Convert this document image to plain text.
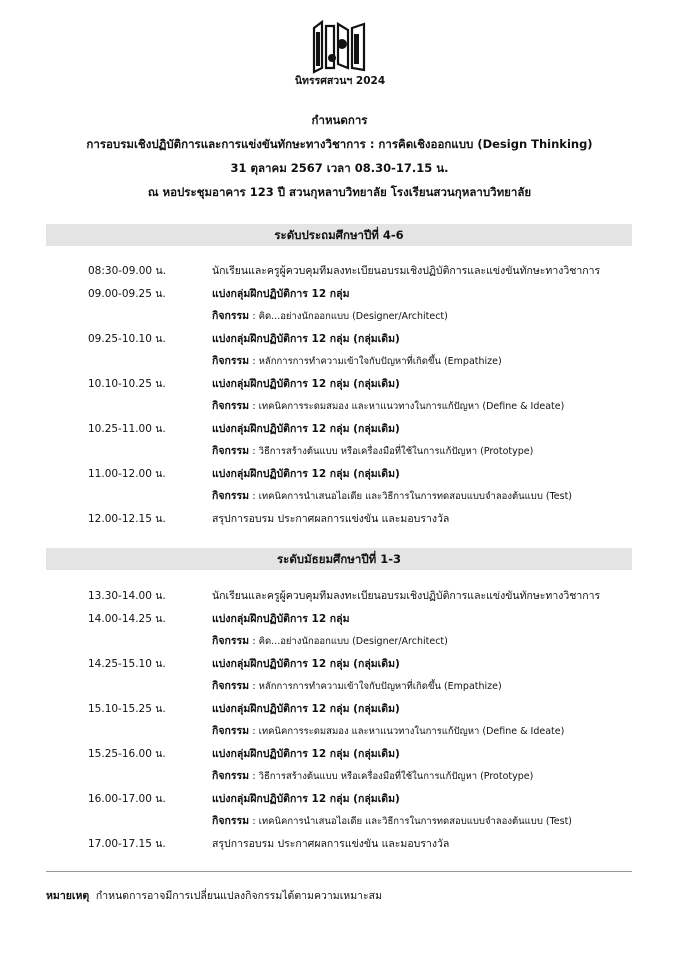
นิทรรศสวนฯ 2024
กำหนดการ
การอบรมเชิงปฏิบัติการและการแข่งขันทักษะทางวิชาการ : การคิดเชิงออกแบบ (Design Thinking)
31 ตุลาคม 2567 เวลา 08.30-17.15 น.
ณ หอประชุมอาคาร 123 ปี สวนกุหลาบวิทยาลัย โรงเรียนสวนกุหลาบวิทยาลัย
ระดับประถมศึกษาปีที่ 4-6
08:30-09.00 น.	นักเรียนและครูผู้ควบคุมทีมลงทะเบียนอบรมเชิงปฏิบัติการและแข่งขันทักษะทางวิชาการ
09.00-09.25 น.	แบ่งกลุ่มฝึกปฏิบัติการ 12 กลุ่ม
กิจกรรม : คิด...อย่างนักออกแบบ (Designer/Architect)
09.25-10.10 น.	แบ่งกลุ่มฝึกปฏิบัติการ 12 กลุ่ม (กลุ่มเดิม)
กิจกรรม : หลักการการทำความเข้าใจกับปัญหาที่เกิดขึ้น (Empathize)
10.10-10.25 น.	แบ่งกลุ่มฝึกปฏิบัติการ 12 กลุ่ม (กลุ่มเดิม)
กิจกรรม : เทคนิคการระดมสมอง และหาแนวทางในการแก้ปัญหา (Define & Ideate)
10.25-11.00 น.	แบ่งกลุ่มฝึกปฏิบัติการ 12 กลุ่ม (กลุ่มเดิม)
กิจกรรม : วิธีการสร้างต้นแบบ หรือเครื่องมือที่ใช้ในการแก้ปัญหา (Prototype)
11.00-12.00 น.	แบ่งกลุ่มฝึกปฏิบัติการ 12 กลุ่ม (กลุ่มเดิม)
กิจกรรม : เทคนิคการนำเสนอไอเดีย และวิธีการในการทดสอบแบบจำลองต้นแบบ (Test)
12.00-12.15 น.	สรุปการอบรม ประกาศผลการแข่งขัน และมอบรางวัล
ระดับมัธยมศึกษาปีที่ 1-3
13.30-14.00 น.	นักเรียนและครูผู้ควบคุมทีมลงทะเบียนอบรมเชิงปฏิบัติการและแข่งขันทักษะทางวิชาการ
14.00-14.25 น.	แบ่งกลุ่มฝึกปฏิบัติการ 12 กลุ่ม
กิจกรรม : คิด...อย่างนักออกแบบ (Designer/Architect)
14.25-15.10 น.	แบ่งกลุ่มฝึกปฏิบัติการ 12 กลุ่ม (กลุ่มเดิม)
กิจกรรม : หลักการการทำความเข้าใจกับปัญหาที่เกิดขึ้น (Empathize)
15.10-15.25 น.	แบ่งกลุ่มฝึกปฏิบัติการ 12 กลุ่ม (กลุ่มเดิม)
กิจกรรม : เทคนิคการระดมสมอง และหาแนวทางในการแก้ปัญหา (Define & Ideate)
15.25-16.00 น.	แบ่งกลุ่มฝึกปฏิบัติการ 12 กลุ่ม (กลุ่มเดิม)
กิจกรรม : วิธีการสร้างต้นแบบ หรือเครื่องมือที่ใช้ในการแก้ปัญหา (Prototype)
16.00-17.00 น.	แบ่งกลุ่มฝึกปฏิบัติการ 12 กลุ่ม (กลุ่มเดิม)
กิจกรรม : เทคนิคการนำเสนอไอเดีย และวิธีการในการทดสอบแบบจำลองต้นแบบ (Test)
17.00-17.15 น.	สรุปการอบรม ประกาศผลการแข่งขัน และมอบรางวัล
หมายเหตุ กำหนดการอาจมีการเปลี่ยนแปลงกิจกรรมได้ตามความเหมาะสม
